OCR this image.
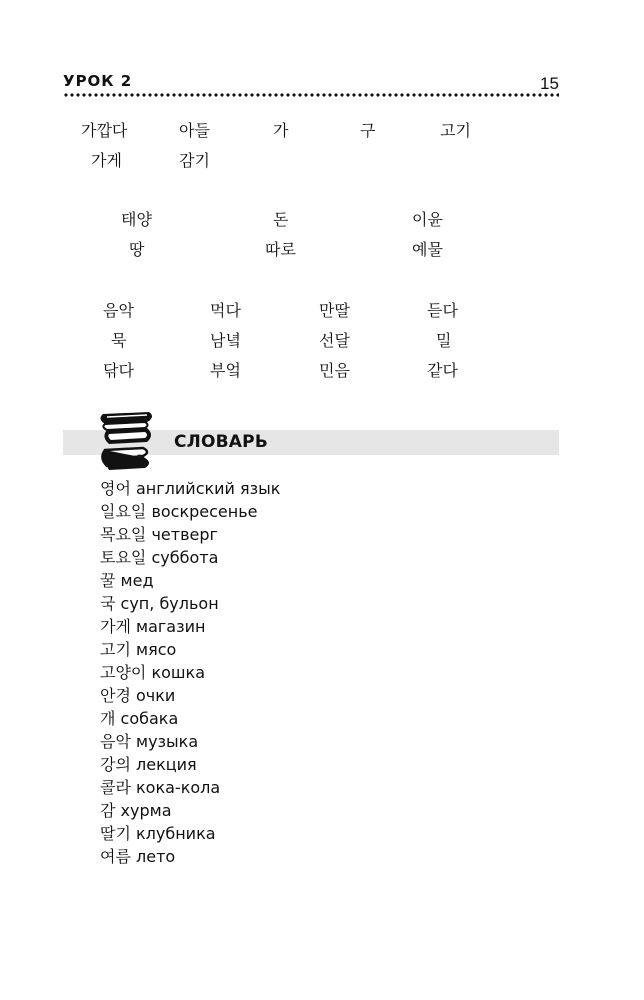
УРОК 2	15
가깝다	아들	가	구	고기
가게	감기
태양	돈	이윤
땅	따로	예물
음악	먹다	만딸	듣다
묵	남녘	선달	밀
닦다	부엌	민음	같다
СЛОВАРЬ
영어 английский язык
일요일 воскресенье
목요일 четверг
토요일 суббота
꿀 мед
국 суп, бульон
가게 магазин
고기 мясо
고양이 кошка
안경 очки
개 собака
음악 музыка
강의 лекция
콜라 кока-кола
감 хурма
딸기 клубника
여름 лето
